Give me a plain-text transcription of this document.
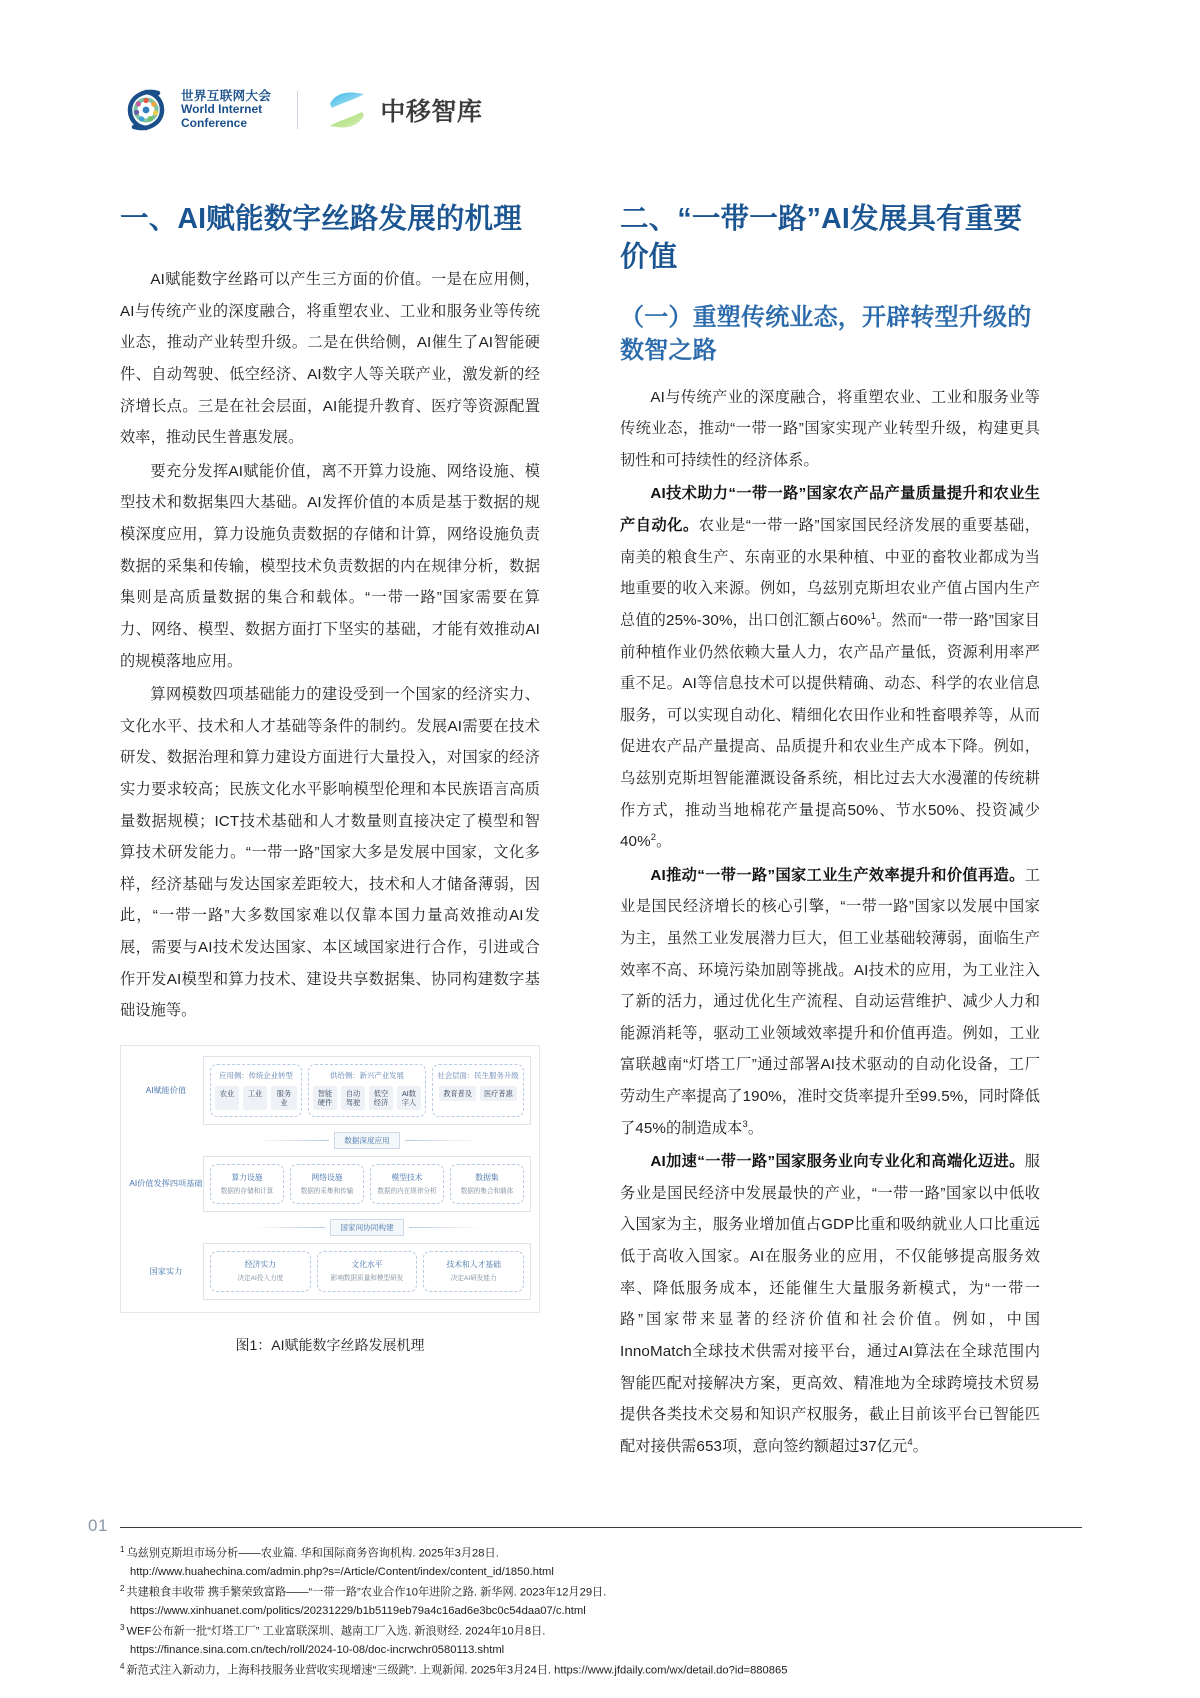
世界互联网大会
World Internet
Conference	中移智库
一、AI赋能数字丝路发展的机理

AI赋能数字丝路可以产生三方面的价值。一是在应用侧，AI与传统产业的深度融合，将重塑农业、工业和服务业等传统业态，推动产业转型升级。二是在供给侧，AI催生了AI智能硬件、自动驾驶、低空经济、AI数字人等关联产业，激发新的经济增长点。三是在社会层面，AI能提升教育、医疗等资源配置效率，推动民生普惠发展。

要充分发挥AI赋能价值，离不开算力设施、网络设施、模型技术和数据集四大基础。AI发挥价值的本质是基于数据的规模深度应用，算力设施负责数据的存储和计算，网络设施负责数据的采集和传输，模型技术负责数据的内在规律分析，数据集则是高质量数据的集合和载体。“一带一路”国家需要在算力、网络、模型、数据方面打下坚实的基础，才能有效推动AI的规模落地应用。

算网模数四项基础能力的建设受到一个国家的经济实力、文化水平、技术和人才基础等条件的制约。发展AI需要在技术研发、数据治理和算力建设方面进行大量投入，对国家的经济实力要求较高；民族文化水平影响模型伦理和本民族语言高质量数据规模；ICT技术基础和人才数量则直接决定了模型和智算技术研发能力。“一带一路”国家大多是发展中国家，文化多样，经济基础与发达国家差距较大，技术和人才储备薄弱，因此，“一带一路”大多数国家难以仅靠本国力量高效推动AI发展，需要与AI技术发达国家、本区域国家进行合作，引进或合作开发AI模型和算力技术、建设共享数据集、协同构建数字基础设施等。

AI赋能价值
应用侧：传统企业转型
农业	工业	服务业
供给侧：新兴产业发展
智能硬件
自动驾驶
低空经济
AI数字人
社会层面：民生服务升级
教育普及	医疗普惠
数据深度应用
AI价值发挥四项基础
算力设施
数据的存储和计算
网络设施
数据的采集和传输
模型技术
数据的内在规律分析
数据集
数据的集合和载体
国家间协同构建
国家实力
经济实力
决定AI投入力度
文化水平
影响数据质量和模型研发
技术和人才基础
决定AI研发能力
图1：AI赋能数字丝路发展机理
二、“一带一路”AI发展具有重要价值
（一）重塑传统业态，开辟转型升级的数智之路

AI与传统产业的深度融合，将重塑农业、工业和服务业等传统业态，推动“一带一路”国家实现产业转型升级，构建更具韧性和可持续性的经济体系。

AI技术助力“一带一路”国家农产品产量质量提升和农业生产自动化。农业是“一带一路”国家国民经济发展的重要基础，南美的粮食生产、东南亚的水果种植、中亚的畜牧业都成为当地重要的收入来源。例如，乌兹别克斯坦农业产值占国内生产总值的25%-30%，出口创汇额占60%$^1$。然而“一带一路”国家目前种植作业仍然依赖大量人力，农产品产量低，资源利用率严重不足。AI等信息技术可以提供精确、动态、科学的农业信息服务，可以实现自动化、精细化农田作业和牲畜喂养等，从而促进农产品产量提高、品质提升和农业生产成本下降。例如，乌兹别克斯坦智能灌溉设备系统，相比过去大水漫灌的传统耕作方式，推动当地棉花产量提高50%、节水50%、投资减少40%$^2$。

AI推动“一带一路”国家工业生产效率提升和价值再造。工业是国民经济增长的核心引擎，“一带一路”国家以发展中国家为主，虽然工业发展潜力巨大，但工业基础较薄弱，面临生产效率不高、环境污染加剧等挑战。AI技术的应用，为工业注入了新的活力，通过优化生产流程、自动运营维护、减少人力和能源消耗等，驱动工业领域效率提升和价值再造。例如，工业富联越南“灯塔工厂”通过部署AI技术驱动的自动化设备，工厂劳动生产率提高了190%，准时交货率提升至99.5%，同时降低了45%的制造成本$^3$。

AI加速“一带一路”国家服务业向专业化和高端化迈进。服务业是国民经济中发展最快的产业，“一带一路”国家以中低收入国家为主，服务业增加值占GDP比重和吸纳就业人口比重远低于高收入国家。AI在服务业的应用，不仅能够提高服务效率、降低服务成本，还能催生大量服务新模式，为“一带一路”国家带来显著的经济价值和社会价值。例如，中国InnoMatch全球技术供需对接平台，通过AI算法在全球范围内智能匹配对接解决方案，更高效、精准地为全球跨境技术贸易提供各类技术交易和知识产权服务，截止目前该平台已智能匹配对接供需653项，意向签约额超过37亿元$^4$。

01
$^1$ 乌兹别克斯坦市场分析——农业篇. 华和国际商务咨询机构. 2025年3月28日.
http://www.huahechina.com/admin.php?s=/Article/Content/index/content_id/1850.html
$^2$ 共建粮食丰收带 携手繁荣致富路——“一带一路”农业合作10年进阶之路. 新华网. 2023年12月29日.
https://www.xinhuanet.com/politics/20231229/b1b5119eb79a4c16ad6e3bc0c54daa07/c.html
$^3$ WEF公布新一批“灯塔工厂” 工业富联深圳、越南工厂入选. 新浪财经. 2024年10月8日.
https://finance.sina.com.cn/tech/roll/2024-10-08/doc-incrwchr0580113.shtml
$^4$ 新范式注入新动力，上海科技服务业营收实现增速“三级跳”. 上观新闻. 2025年3月24日. https://www.jfdaily.com/wx/detail.do?id=880865
